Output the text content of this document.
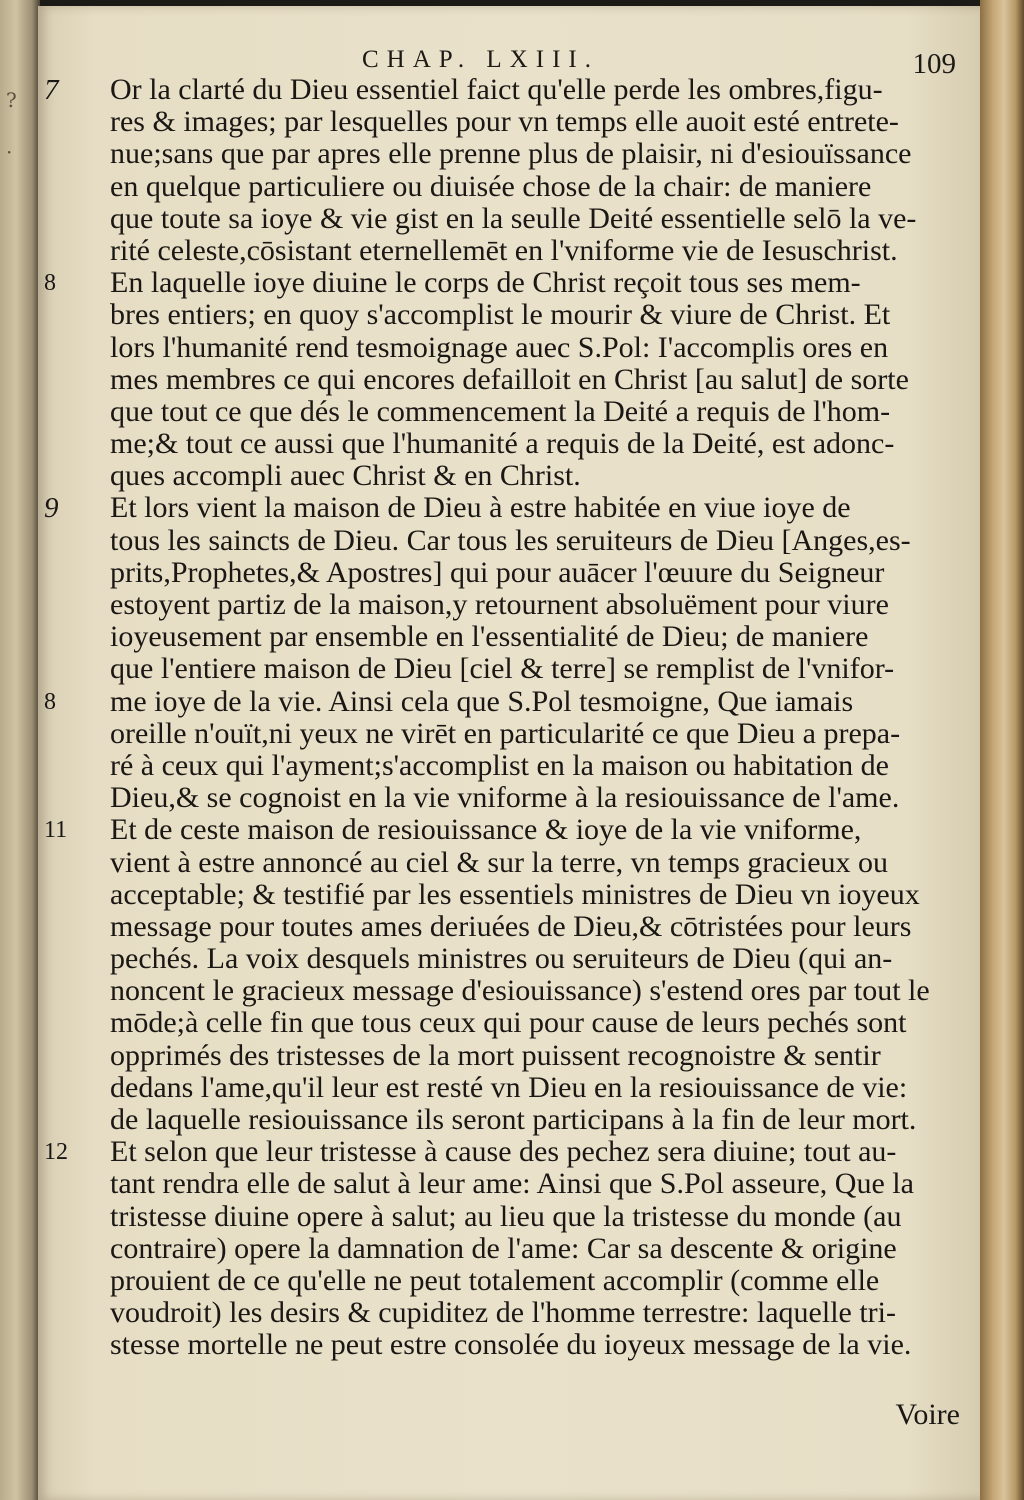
?
·
CHAP. LXIII.	109
7	Or la clarté du Dieu essentiel faict qu'elle perde les ombres,figu-
res & images; par lesquelles pour vn temps elle auoit esté entrete-
nue;sans que par apres elle prenne plus de plaisir, ni d'esiouïssance
en quelque particuliere ou diuisée chose de la chair: de maniere
que toute sa ioye & vie gist en la seulle Deité essentielle selō la ve-
rité celeste,cōsistant eternellemēt en l'vniforme vie de Iesuschrist.
8	En laquelle ioye diuine le corps de Christ reçoit tous ses mem-
bres entiers; en quoy s'accomplist le mourir & viure de Christ. Et
lors l'humanité rend tesmoignage auec S.Pol: I'accomplis ores en
mes membres ce qui encores defailloit en Christ [au salut] de sorte
que tout ce que dés le commencement la Deité a requis de l'hom-
me;& tout ce aussi que l'humanité a requis de la Deité, est adonc-
ques accompli auec Christ & en Christ.
9	Et lors vient la maison de Dieu à estre habitée en viue ioye de
tous les saincts de Dieu. Car tous les seruiteurs de Dieu [Anges,es-
prits,Prophetes,& Apostres] qui pour auācer l'œuure du Seigneur
estoyent partiz de la maison,y retournent absoluëment pour viure
ioyeusement par ensemble en l'essentialité de Dieu; de maniere
que l'entiere maison de Dieu [ciel & terre] se remplist de l'vnifor-
8	me ioye de la vie. Ainsi cela que S.Pol tesmoigne, Que iamais
oreille n'ouït,ni yeux ne virēt en particularité ce que Dieu a prepa-
ré à ceux qui l'ayment;s'accomplist en la maison ou habitation de
Dieu,& se cognoist en la vie vniforme à la resiouissance de l'ame.
11	Et de ceste maison de resiouissance & ioye de la vie vniforme,
vient à estre annoncé au ciel & sur la terre, vn temps gracieux ou
acceptable; & testifié par les essentiels ministres de Dieu vn ioyeux
message pour toutes ames deriuées de Dieu,& cōtristées pour leurs
pechés. La voix desquels ministres ou seruiteurs de Dieu (qui an-
noncent le gracieux message d'esiouissance) s'estend ores par tout le
mōde;à celle fin que tous ceux qui pour cause de leurs pechés sont
opprimés des tristesses de la mort puissent recognoistre & sentir
dedans l'ame,qu'il leur est resté vn Dieu en la resiouissance de vie:
de laquelle resiouissance ils seront participans à la fin de leur mort.
12	Et selon que leur tristesse à cause des pechez sera diuine; tout au-
tant rendra elle de salut à leur ame: Ainsi que S.Pol asseure, Que la
tristesse diuine opere à salut; au lieu que la tristesse du monde (au
contraire) opere la damnation de l'ame: Car sa descente & origine
prouient de ce qu'elle ne peut totalement accomplir (comme elle
voudroit) les desirs & cupiditez de l'homme terrestre: laquelle tri-
stesse mortelle ne peut estre consolée du ioyeux message de la vie.
Voire
